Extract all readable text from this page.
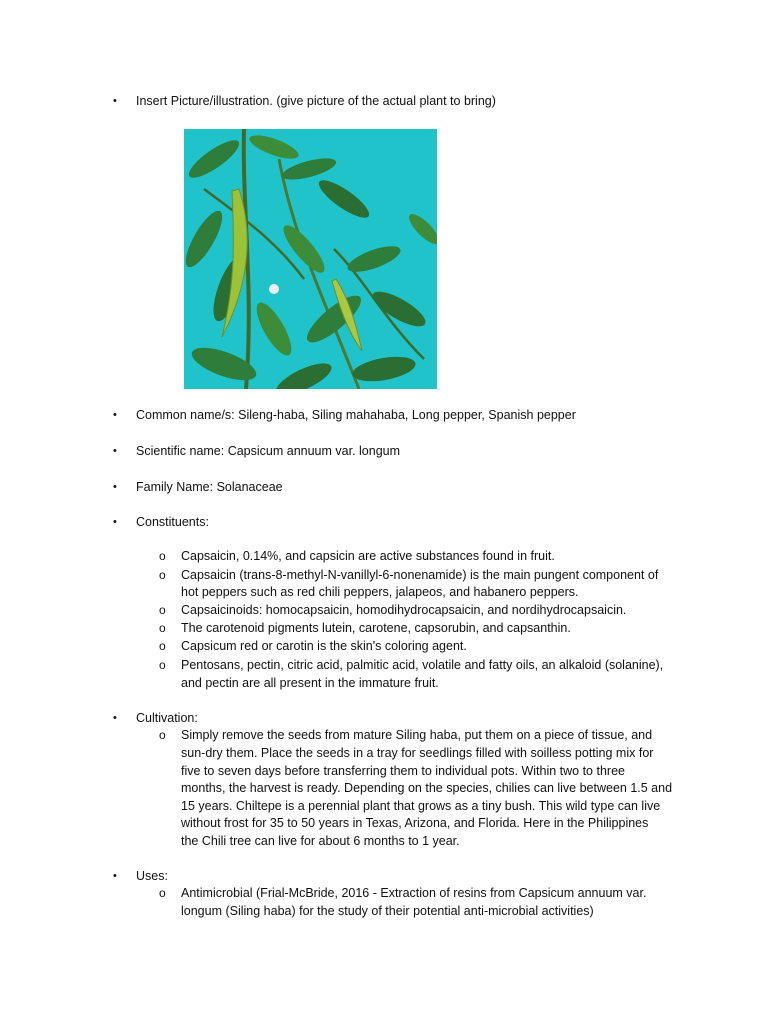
• Insert Picture/illustration. (give picture of the actual plant to bring)
• Common name/s: Sileng-haba, Siling mahahaba, Long pepper, Spanish pepper
• Scientific name: Capsicum annuum var. longum
• Family Name: Solanaceae
• Constituents:
o Capsaicin, 0.14%, and capsicin are active substances found in fruit.
o Capsaicin (trans-8-methyl-N-vanillyl-6-nonenamide) is the main pungent component of
hot peppers such as red chili peppers, jalapeos, and habanero peppers.
o Capsaicinoids: homocapsaicin, homodihydrocapsaicin, and nordihydrocapsaicin.
o The carotenoid pigments lutein, carotene, capsorubin, and capsanthin.
o Capsicum red or carotin is the skin's coloring agent.
o Pentosans, pectin, citric acid, palmitic acid, volatile and fatty oils, an alkaloid (solanine),
and pectin are all present in the immature fruit.
• Cultivation:
o Simply remove the seeds from mature Siling haba, put them on a piece of tissue, and
sun-dry them. Place the seeds in a tray for seedlings filled with soilless potting mix for
five to seven days before transferring them to individual pots. Within two to three
months, the harvest is ready. Depending on the species, chilies can live between 1.5 and
15 years. Chiltepe is a perennial plant that grows as a tiny bush. This wild type can live
without frost for 35 to 50 years in Texas, Arizona, and Florida. Here in the Philippines
the Chili tree can live for about 6 months to 1 year.
• Uses:
o Antimicrobial (Frial-McBride, 2016 - Extraction of resins from Capsicum annuum var.
longum (Siling haba) for the study of their potential anti-microbial activities)
